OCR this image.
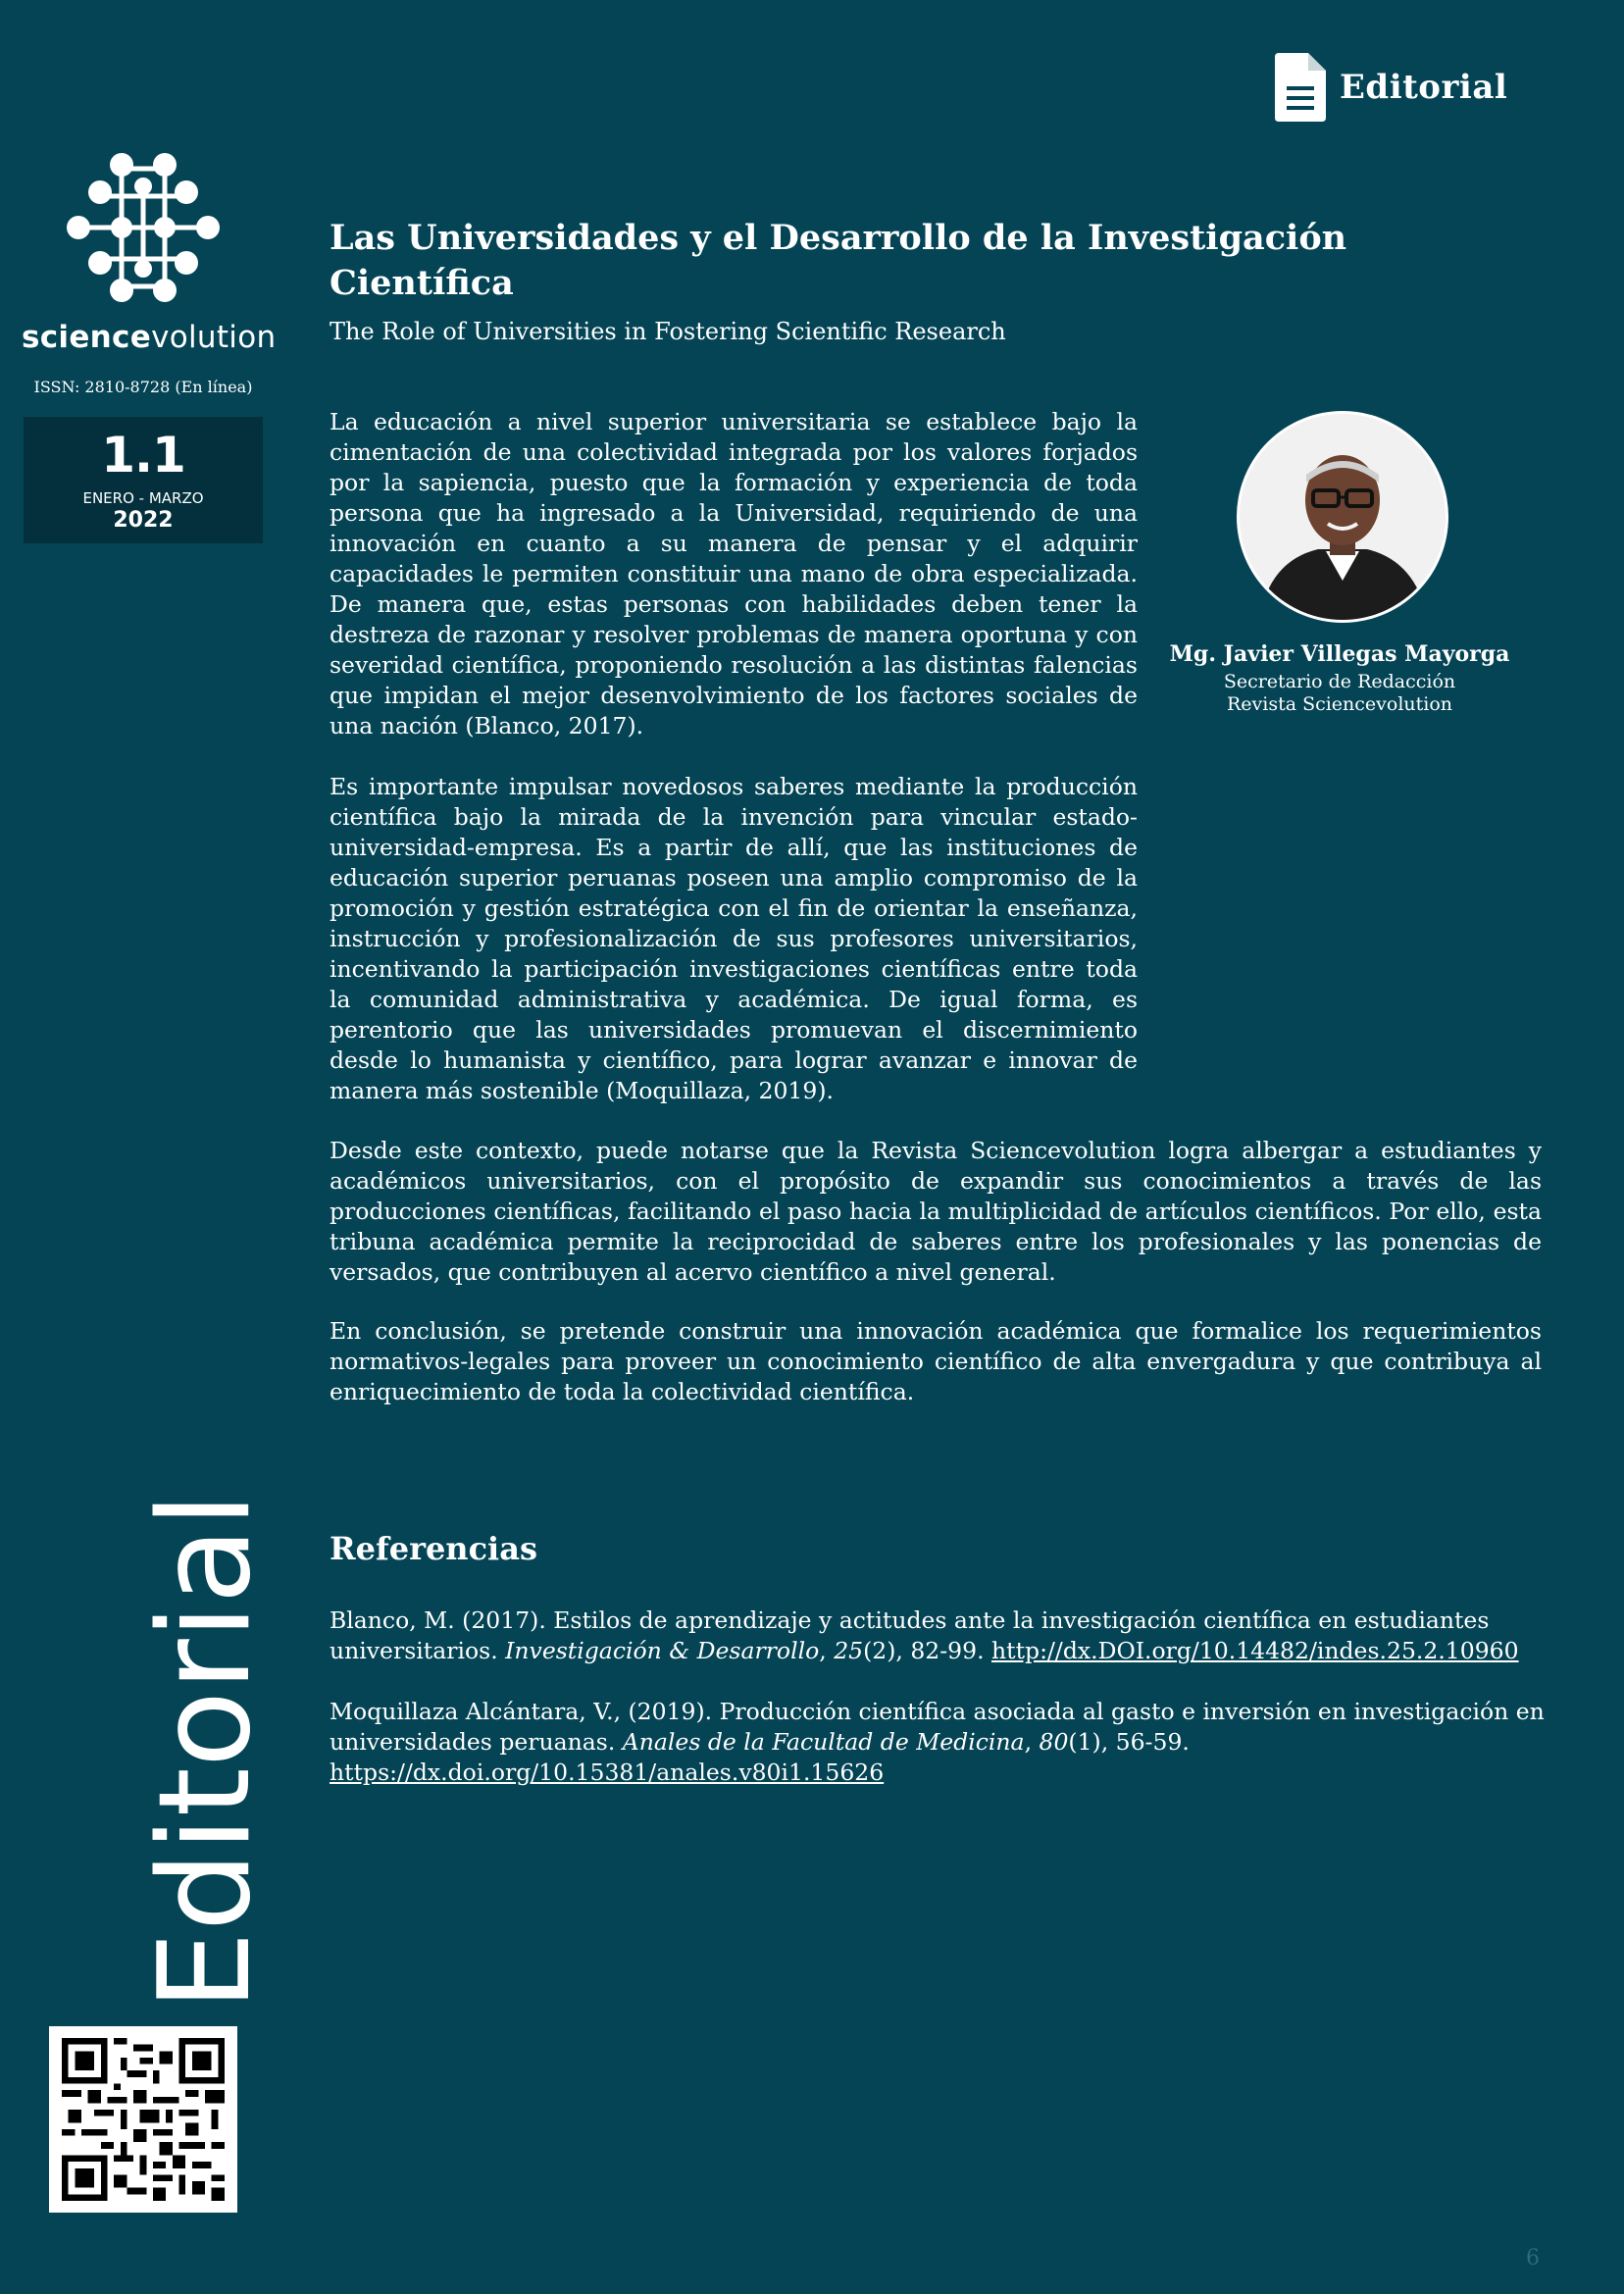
Editorial
sciencevolution
ISSN: 2810-8728 (En línea)
1.1
ENERO - MARZO
2022
Editorial
Las Universidades y el Desarrollo de la Investigación Científica
The Role of Universities in Fostering Scientific Research

La educación a nivel superior universitaria se establece bajo la cimentación de una colectividad integrada por los valores forjados por la sapiencia, puesto que la formación y experiencia de toda persona que ha ingresado a la Universidad, requiriendo de una innovación en cuanto a su manera de pensar y el adquirir capacidades le permiten constituir una mano de obra especializada. De manera que, estas personas con habilidades deben tener la destreza de razonar y resolver problemas de manera oportuna y con severidad científica, proponiendo resolución a las distintas falencias que impidan el mejor desenvolvimiento de los factores sociales de una nación (Blanco, 2017).

Es importante impulsar novedosos saberes mediante la producción científica bajo la mirada de la invención para vincular estado-universidad-empresa. Es a partir de allí, que las instituciones de educación superior peruanas poseen una amplio compromiso de la promoción y gestión estratégica con el fin de orientar la enseñanza, instrucción y profesionalización de sus profesores universitarios, incentivando la participación investigaciones científicas entre toda la comunidad administrativa y académica. De igual forma, es perentorio que las universidades promuevan el discernimiento desde lo humanista y científico, para lograr avanzar e innovar de manera más sostenible (Moquillaza, 2019).

Desde este contexto, puede notarse que la Revista Sciencevolution logra albergar a estudiantes y académicos universitarios, con el propósito de expandir sus conocimientos a través de las producciones científicas, facilitando el paso hacia la multiplicidad de artículos científicos. Por ello, esta tribuna académica permite la reciprocidad de saberes entre los profesionales y las ponencias de versados, que contribuyen al acervo científico a nivel general.

En conclusión, se pretende construir una innovación académica que formalice los requerimientos normativos-legales para proveer un conocimiento científico de alta envergadura y que contribuya al enriquecimiento de toda la colectividad científica.

Mg. Javier Villegas Mayorga
Secretario de Redacción
Revista Sciencevolution
Referencias

Blanco, M. (2017). Estilos de aprendizaje y actitudes ante la investigación científica en estudiantes universitarios. Investigación & Desarrollo, 25(2), 82-99. http://dx.DOI.org/10.14482/indes.25.2.10960

Moquillaza Alcántara, V., (2019). Producción científica asociada al gasto e inversión en investigación en universidades peruanas. Anales de la Facultad de Medicina, 80(1), 56-59.
https://dx.doi.org/10.15381/anales.v80i1.15626

6
